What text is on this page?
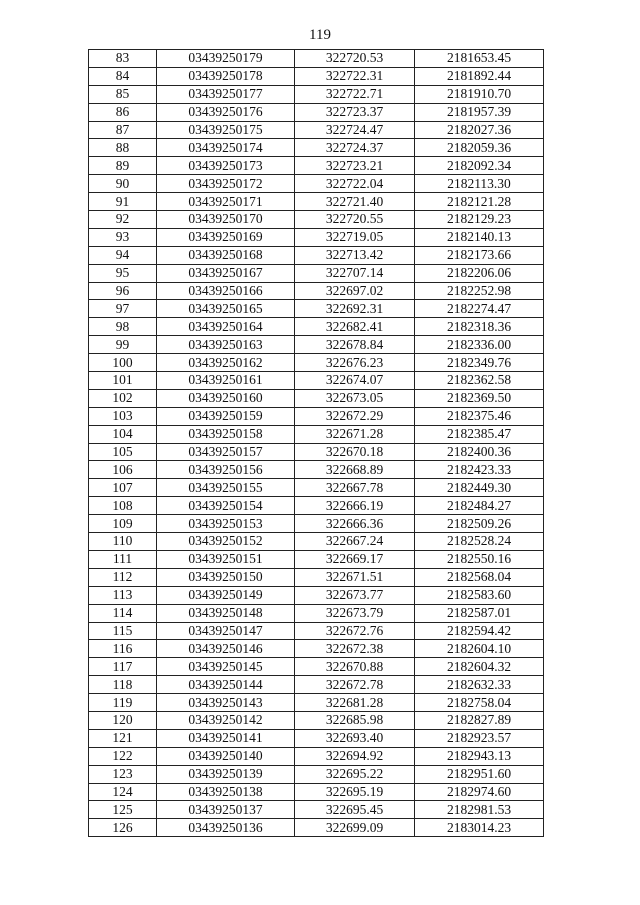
119
83	03439250179	322720.53	2181653.45
84	03439250178	322722.31	2181892.44
85	03439250177	322722.71	2181910.70
86	03439250176	322723.37	2181957.39
87	03439250175	322724.47	2182027.36
88	03439250174	322724.37	2182059.36
89	03439250173	322723.21	2182092.34
90	03439250172	322722.04	2182113.30
91	03439250171	322721.40	2182121.28
92	03439250170	322720.55	2182129.23
93	03439250169	322719.05	2182140.13
94	03439250168	322713.42	2182173.66
95	03439250167	322707.14	2182206.06
96	03439250166	322697.02	2182252.98
97	03439250165	322692.31	2182274.47
98	03439250164	322682.41	2182318.36
99	03439250163	322678.84	2182336.00
100	03439250162	322676.23	2182349.76
101	03439250161	322674.07	2182362.58
102	03439250160	322673.05	2182369.50
103	03439250159	322672.29	2182375.46
104	03439250158	322671.28	2182385.47
105	03439250157	322670.18	2182400.36
106	03439250156	322668.89	2182423.33
107	03439250155	322667.78	2182449.30
108	03439250154	322666.19	2182484.27
109	03439250153	322666.36	2182509.26
110	03439250152	322667.24	2182528.24
111	03439250151	322669.17	2182550.16
112	03439250150	322671.51	2182568.04
113	03439250149	322673.77	2182583.60
114	03439250148	322673.79	2182587.01
115	03439250147	322672.76	2182594.42
116	03439250146	322672.38	2182604.10
117	03439250145	322670.88	2182604.32
118	03439250144	322672.78	2182632.33
119	03439250143	322681.28	2182758.04
120	03439250142	322685.98	2182827.89
121	03439250141	322693.40	2182923.57
122	03439250140	322694.92	2182943.13
123	03439250139	322695.22	2182951.60
124	03439250138	322695.19	2182974.60
125	03439250137	322695.45	2182981.53
126	03439250136	322699.09	2183014.23
